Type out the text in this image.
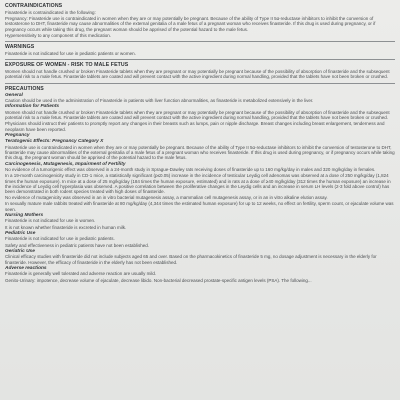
CONTRAINDICATIONS
Finasteride is contraindicated in the following:
Pregnancy: Finasteride use is contraindicated in women when they are or may potentially be pregnant. Because of the ability of Type II 5α-reductase inhibitors to inhibit the conversion of testosterone to DHT, finasteride may cause abnormalities of the external genitalia of a male fetus of a pregnant woman who receives finasteride. If this drug is used during pregnancy, or if pregnancy occurs while taking this drug, the pregnant woman should be apprised of the potential hazard to the male fetus.
Hypersensitivity to any component of this medication.
WARNINGS
Finasteride is not indicated for use in pediatric patients or women.
EXPOSURE OF WOMEN - RISK TO MALE FETUS
Women should not handle crushed or broken Finasteride tablets when they are pregnant or may potentially be pregnant because of the possibility of absorption of finasteride and the subsequent potential risk to a male fetus. Finasteride tablets are coated and will prevent contact with the active ingredient during normal handling, provided that the tablets have not been broken or crushed.
PRECAUTIONS
General
Caution should be used in the administration of Finasteride in patients with liver function abnormalities, as finasteride is metabolized extensively in the liver.
Information for Patients
Women should not handle crushed or broken Finasteride tablets when they are pregnant or may potentially be pregnant because of the possibility of absorption of finasteride and the subsequent potential risk to a male fetus. Finasteride tablets are coated and will prevent contact with the active ingredient during normal handling, provided that the tablets have not been broken or crushed.
Physicians should instruct their patients to promptly report any changes in their breasts such as lumps, pain or nipple discharge. Breast changes including breast enlargement, tenderness and neoplasm have been reported.
Pregnancy
Teratogenic Effects: Pregnancy Category X
Finasteride use is contraindicated in women when they are or may potentially be pregnant. Because of the ability of Type II 5α-reductase inhibitors to inhibit the conversion of testosterone to DHT, finasteride may cause abnormalities of the external genitalia of a male fetus of a pregnant woman who receives finasteride. If this drug is used during pregnancy, or if pregnancy occurs while taking this drug, the pregnant woman should be apprised of the potential hazard to the male fetus.
Carcinogenesis, Mutagenesis, Impairment of Fertility
No evidence of a tumorigenic effect was observed in a 24-month study in Sprague-Dawley rats receiving doses of finasteride up to 160 mg/kg/day in males and 320 mg/kg/day in females.
In a 19-month carcinogenicity study in CD-1 mice, a statistically significant (p≤0.05) increase in the incidence of testicular Leydig cell adenomas was observed at a dose of 250 mg/kg/day (1,824 times the human exposure). In mice at a dose of 25 mg/kg/day (184 times the human exposure, estimated) and in rats at a dose of ≥40 mg/kg/day (312 times the human exposure) an increase in the incidence of Leydig cell hyperplasia was observed. A positive correlation between the proliferative changes in the Leydig cells and an increase in serum LH levels (2-3 fold above control) has been demonstrated in both rodent species treated with high doses of finasteride.
No evidence of mutagenicity was observed in an in vitro bacterial mutagenesis assay, a mammalian cell mutagenesis assay, or in an in vitro alkaline elution assay.
In sexually mature male rabbits treated with finasteride at 80 mg/kg/day (4,344 times the estimated human exposure) for up to 12 weeks, no effect on fertility, sperm count, or ejaculate volume was seen.
Nursing Mothers
Finasteride is not indicated for use in women.
It is not known whether finasteride is excreted in human milk.
Pediatric Use
Finasteride is not indicated for use in pediatric patients.
Safety and effectiveness in pediatric patients have not been established.
Geriatric Use
Clinical efficacy studies with finasteride did not include subjects aged 65 and over. Based on the pharmacokinetics of finasteride 5 mg, no dosage adjustment is necessary in the elderly for finasteride. However, the efficacy of finasteride in the elderly has not been established.
Adverse reactions
Finasteride is generally well tolerated and adverse reaction are usually mild.
Genito-Urinary: impotence, decrease volume of ejaculate, decrease libido. Non-bacterial decreased prostate-specific antigen levels (PSA). The following...
